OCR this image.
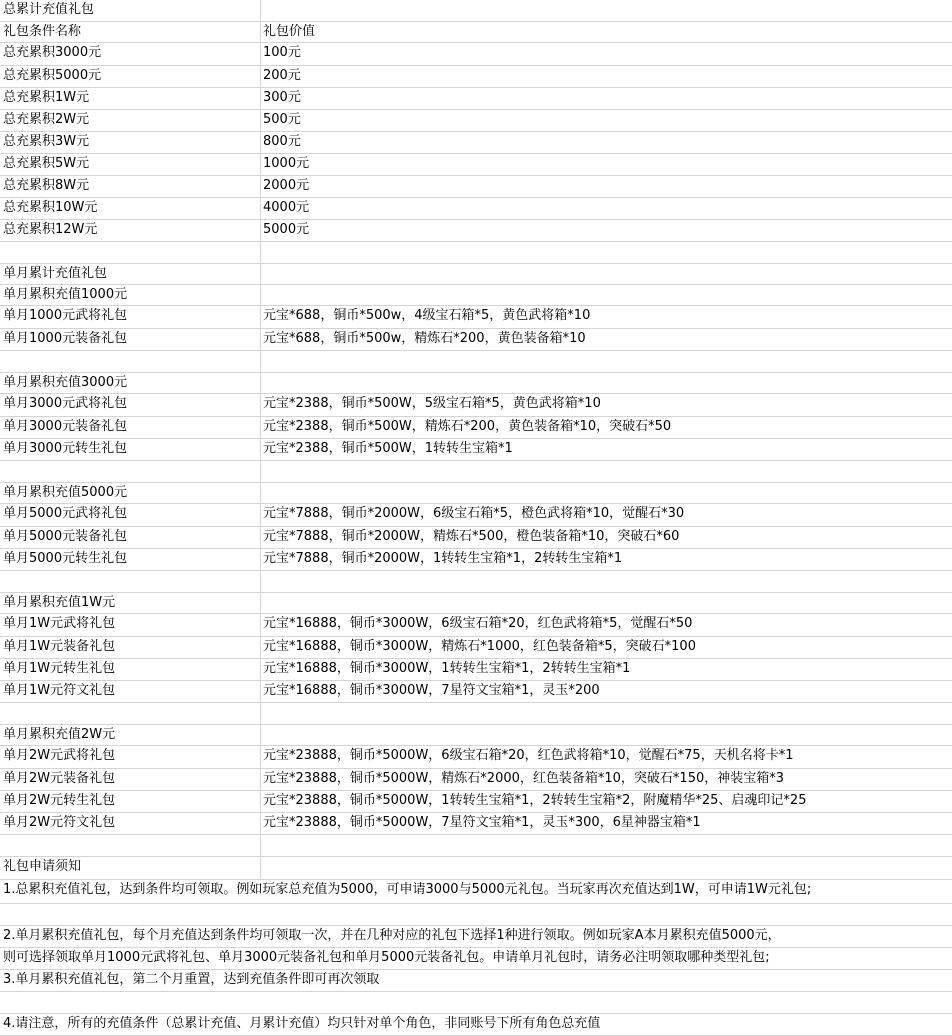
总累计充值礼包
礼包条件名称	礼包价值
总充累积3000元	100元
总充累积5000元	200元
总充累积1W元	300元
总充累积2W元	500元
总充累积3W元	800元
总充累积5W元	1000元
总充累积8W元	2000元
总充累积10W元	4000元
总充累积12W元	5000元
单月累计充值礼包
单月累积充值1000元
单月1000元武将礼包	元宝*688，铜币*500w，4级宝石箱*5，黄色武将箱*10
单月1000元装备礼包	元宝*688，铜币*500w，精炼石*200，黄色装备箱*10
单月累积充值3000元
单月3000元武将礼包	元宝*2388，铜币*500W，5级宝石箱*5，黄色武将箱*10
单月3000元装备礼包	元宝*2388，铜币*500W，精炼石*200，黄色装备箱*10，突破石*50
单月3000元转生礼包	元宝*2388，铜币*500W，1转转生宝箱*1
单月累积充值5000元
单月5000元武将礼包	元宝*7888，铜币*2000W，6级宝石箱*5，橙色武将箱*10，觉醒石*30
单月5000元装备礼包	元宝*7888，铜币*2000W，精炼石*500，橙色装备箱*10，突破石*60
单月5000元转生礼包	元宝*7888，铜币*2000W，1转转生宝箱*1，2转转生宝箱*1
单月累积充值1W元
单月1W元武将礼包	元宝*16888，铜币*3000W，6级宝石箱*20，红色武将箱*5，觉醒石*50
单月1W元装备礼包	元宝*16888，铜币*3000W，精炼石*1000，红色装备箱*5，突破石*100
单月1W元转生礼包	元宝*16888，铜币*3000W，1转转生宝箱*1，2转转生宝箱*1
单月1W元符文礼包	元宝*16888，铜币*3000W，7星符文宝箱*1，灵玉*200
单月累积充值2W元
单月2W元武将礼包	元宝*23888，铜币*5000W，6级宝石箱*20，红色武将箱*10，觉醒石*75，天机名将卡*1
单月2W元装备礼包	元宝*23888，铜币*5000W，精炼石*2000，红色装备箱*10，突破石*150，神装宝箱*3
单月2W元转生礼包	元宝*23888，铜币*5000W，1转转生宝箱*1，2转转生宝箱*2，附魔精华*25、启魂印记*25
单月2W元符文礼包	元宝*23888，铜币*5000W，7星符文宝箱*1，灵玉*300，6星神器宝箱*1
礼包申请须知
1.总累积充值礼包，达到条件均可领取。例如玩家总充值为5000，可申请3000与5000元礼包。当玩家再次充值达到1W，可申请1W元礼包;
2.单月累积充值礼包，每个月充值达到条件均可领取一次，并在几种对应的礼包下选择1种进行领取。例如玩家A本月累积充值5000元，
则可选择领取单月1000元武将礼包、单月3000元装备礼包和单月5000元装备礼包。申请单月礼包时，请务必注明领取哪种类型礼包;
3.单月累积充值礼包，第二个月重置，达到充值条件即可再次领取
4.请注意，所有的充值条件（总累计充值、月累计充值）均只针对单个角色，非同账号下所有角色总充值
